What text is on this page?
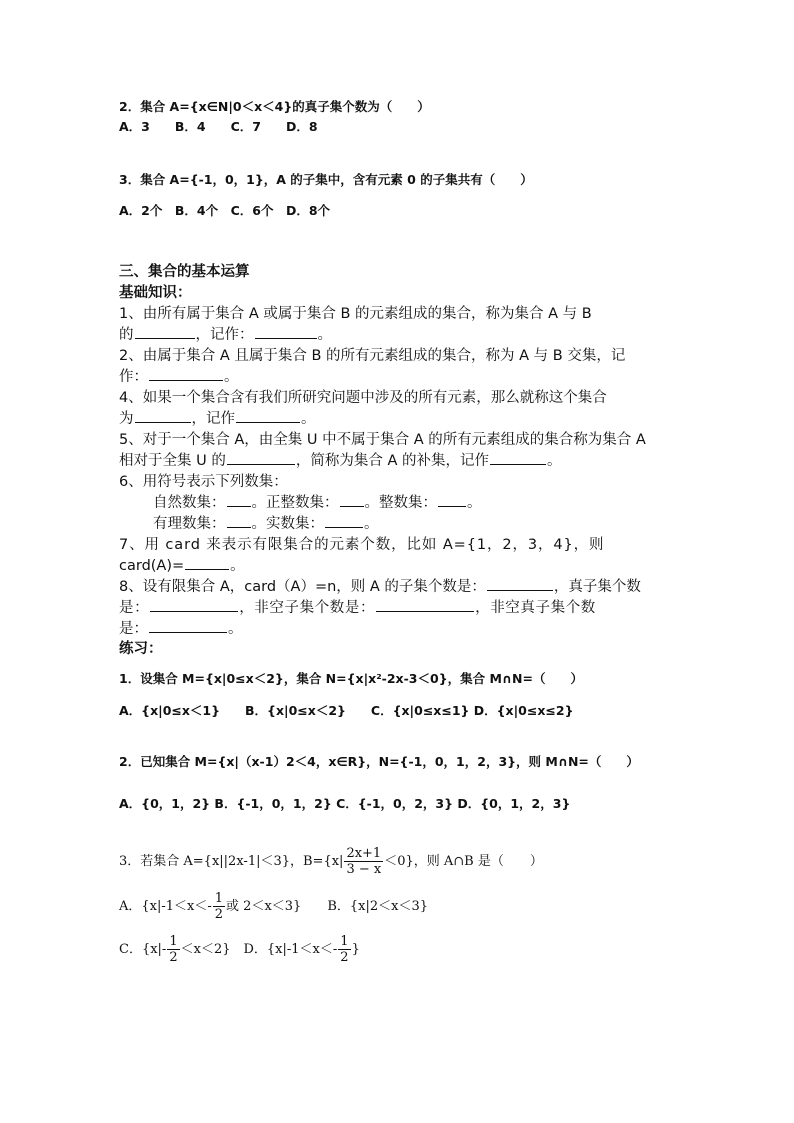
2．集合 A={x∈N|0＜x＜4}的真子集个数为（　　）
A．3　　B．4　　C．7　　D．8
3．集合 A={-1，0，1}，A 的子集中，含有元素 0 的子集共有（　　）
A．2个　B．4个　C．6个　D．8个
三、集合的基本运算
基础知识：
1、由所有属于集合 A 或属于集合 B 的元素组成的集合，称为集合 A 与 B
的	，记作：	。
2、由属于集合 A 且属于集合 B 的所有元素组成的集合，称为 A 与 B 交集，记
作：	。
4、如果一个集合含有我们所研究问题中涉及的所有元素，那么就称这个集合
为	，记作	。
5、对于一个集合 A，由全集 U 中不属于集合 A 的所有元素组成的集合称为集合 A
相对于全集 U 的	，简称为集合 A 的补集，记作	。
6、用符号表示下列数集：
自然数集： 。正整数集： 。整数集： 。
有理数集： 。实数集：	。
7、用 card 来表示有限集合的元素个数，比如 A={1，2，3，4}，则
card(A)=	。
8、设有限集合 A，card（A）=n，则 A 的子集个数是：	，真子集个数
是：	，非空子集个数是：	，非空真子集个数
是：	。
练习：
1．设集合 M={x|0≤x＜2}，集合 N={x|x²-2x-3＜0}，集合 M∩N=（　　）
A．{x|0≤x＜1}　　B．{x|0≤x＜2}　　C．{x|0≤x≤1} D．{x|0≤x≤2}
2．已知集合 M={x|（x-1）2＜4，x∈R}，N={-1，0，1，2，3}，则 M∩N=（　　）
A．{0，1，2} B．{-1，0，1，2} C．{-1，0，2，3} D．{0，1，2，3}
3．若集合 A={x||2x-1|＜3}，$B=\{x| \frac{2x+1}{3 - x} <0\}$，则 A∩B 是（　　）
A．{$x|-1<x<- \frac{1}{2}$ 或 2＜x＜3}　　B．{x|2＜x＜3}
C．$\{x|- \frac{1}{2} <x<2\}$　D．{$x|-1<x<- \frac{1}{2}$ }
